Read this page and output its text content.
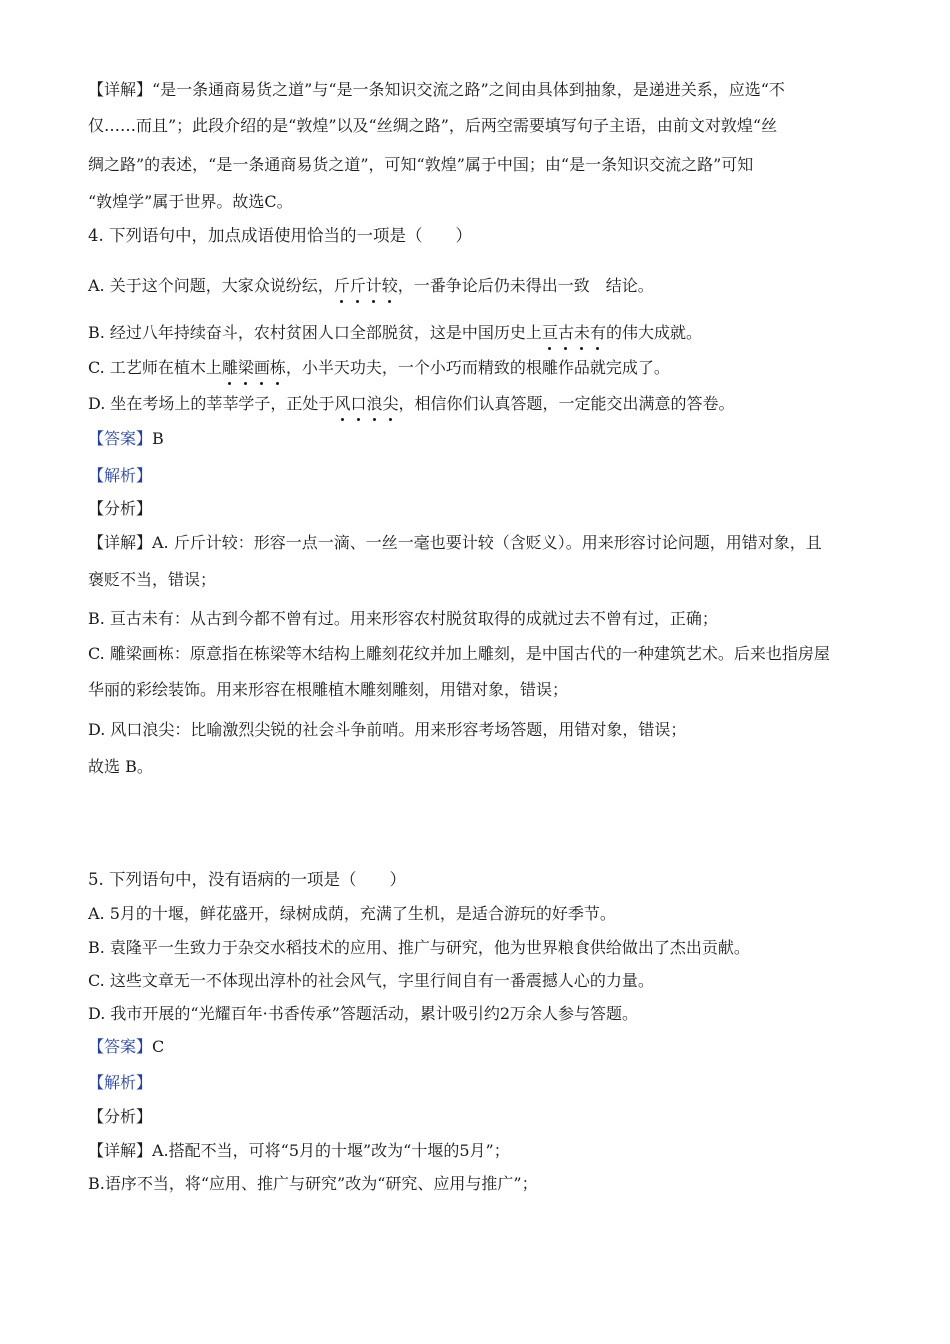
【详解】“是一条通商易货之道”与“是一条知识交流之路”之间由具体到抽象，是递进关系，应选“不
仅……而且”；此段介绍的是“敦煌”以及“丝绸之路”，后两空需要填写句子主语，由前文对敦煌“丝
绸之路”的表述，“是一条通商易货之道”，可知“敦煌”属于中国；由“是一条知识交流之路”可知
“敦煌学”属于世界。故选C。
4. 下列语句中，加点成语使用恰当的一项是（　　）
A. 关于这个问题，大家众说纷纭，斤斤计较，一番争论后仍未得出一致　结论。
B. 经过八年持续奋斗，农村贫困人口全部脱贫，这是中国历史上亘古未有的伟大成就。
C. 工艺师在植木上雕梁画栋，小半天功夫，一个小巧而精致的根雕作品就完成了。
D. 坐在考场上的莘莘学子，正处于风口浪尖，相信你们认真答题，一定能交出满意的答卷。
【答案】B
【解析】
【分析】
【详解】A. 斤斤计较：形容一点一滴、一丝一毫也要计较（含贬义）。用来形容讨论问题，用错对象，且
褒贬不当，错误；
B. 亘古未有：从古到今都不曾有过。用来形容农村脱贫取得的成就过去不曾有过，正确；
C. 雕梁画栋：原意指在栋梁等木结构上雕刻花纹并加上雕刻，是中国古代的一种建筑艺术。后来也指房屋
华丽的彩绘装饰。用来形容在根雕植木雕刻雕刻，用错对象，错误；
D. 风口浪尖：比喻激烈尖锐的社会斗争前哨。用来形容考场答题，用错对象，错误；
故选 B。
5. 下列语句中，没有语病的一项是（　　）
A. 5月的十堰，鲜花盛开，绿树成荫，充满了生机，是适合游玩的好季节。
B. 袁隆平一生致力于杂交水稻技术的应用、推广与研究，他为世界粮食供给做出了杰出贡献。
C. 这些文章无一不体现出淳朴的社会风气，字里行间自有一番震撼人心的力量。
D. 我市开展的“光耀百年·书香传承”答题活动，累计吸引约2万余人参与答题。
【答案】C
【解析】
【分析】
【详解】A.搭配不当，可将“5月的十堰”改为“十堰的5月”；
B.语序不当，将“应用、推广与研究”改为“研究、应用与推广”；
